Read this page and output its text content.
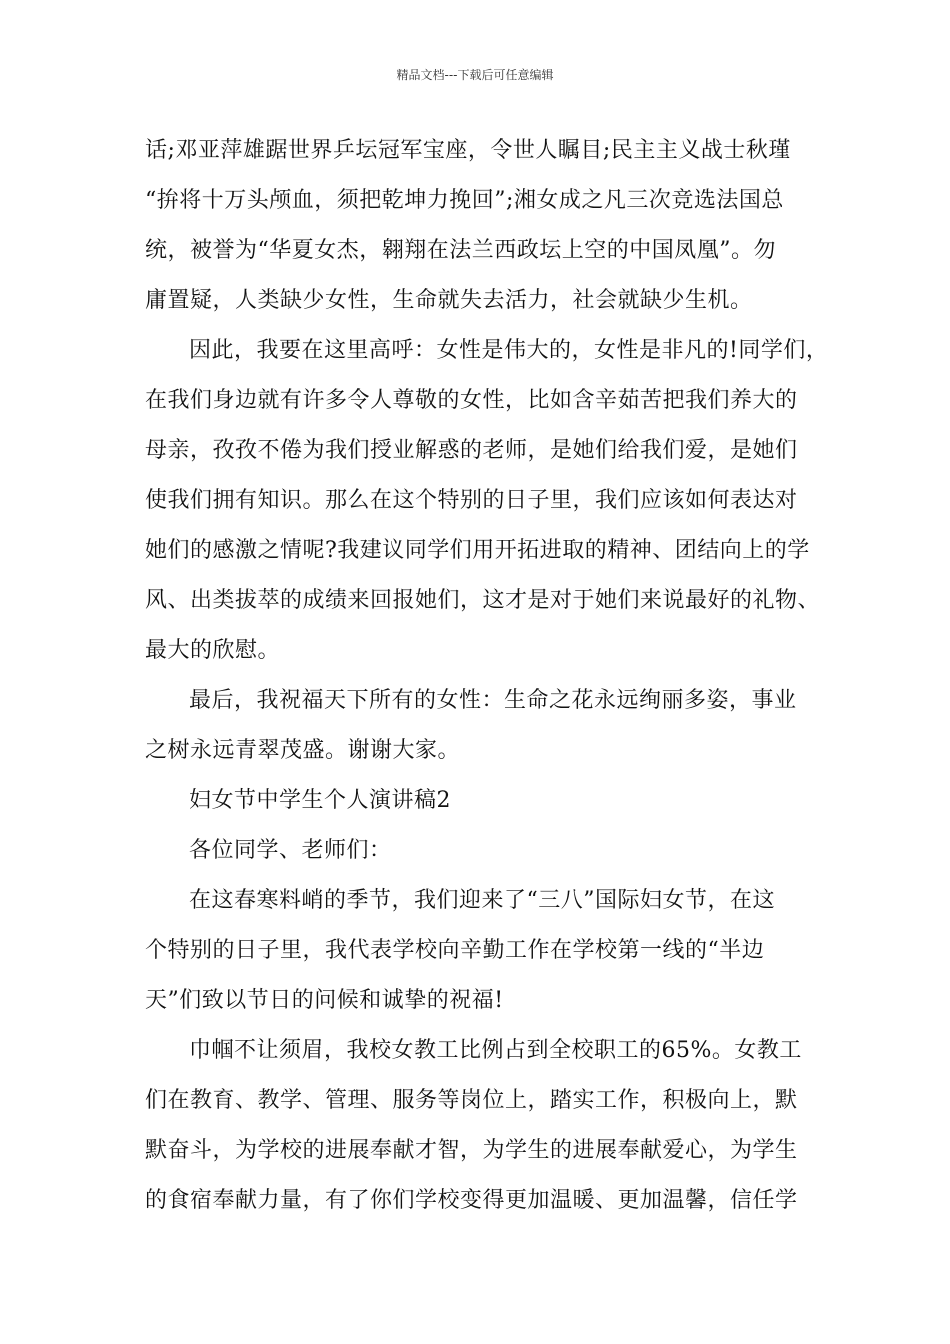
精品文档---下载后可任意编辑

话;邓亚萍雄踞世界乒坛冠军宝座，令世人瞩目;民主主义战士秋瑾
“拚将十万头颅血，须把乾坤力挽回”;湘女成之凡三次竞选法国总
统，被誉为“华夏女杰，翱翔在法兰西政坛上空的中国凤凰”。勿
庸置疑，人类缺少女性，生命就失去活力，社会就缺少生机。

因此，我要在这里高呼：女性是伟大的，女性是非凡的!同学们，
在我们身边就有许多令人尊敬的女性，比如含辛茹苦把我们养大的
母亲，孜孜不倦为我们授业解惑的老师，是她们给我们爱，是她们
使我们拥有知识。那么在这个特别的日子里，我们应该如何表达对
她们的感激之情呢?我建议同学们用开拓进取的精神、团结向上的学
风、出类拔萃的成绩来回报她们，这才是对于她们来说最好的礼物、
最大的欣慰。

最后，我祝福天下所有的女性：生命之花永远绚丽多姿，事业
之树永远青翠茂盛。谢谢大家。

妇女节中学生个人演讲稿2

各位同学、老师们：

在这春寒料峭的季节，我们迎来了“三八”国际妇女节，在这
个特别的日子里，我代表学校向辛勤工作在学校第一线的“半边
天”们致以节日的问候和诚挚的祝福!

巾帼不让须眉，我校女教工比例占到全校职工的65%。女教工
们在教育、教学、管理、服务等岗位上，踏实工作，积极向上，默
默奋斗，为学校的进展奉献才智，为学生的进展奉献爱心，为学生
的食宿奉献力量，有了你们学校变得更加温暖、更加温馨，信任学
